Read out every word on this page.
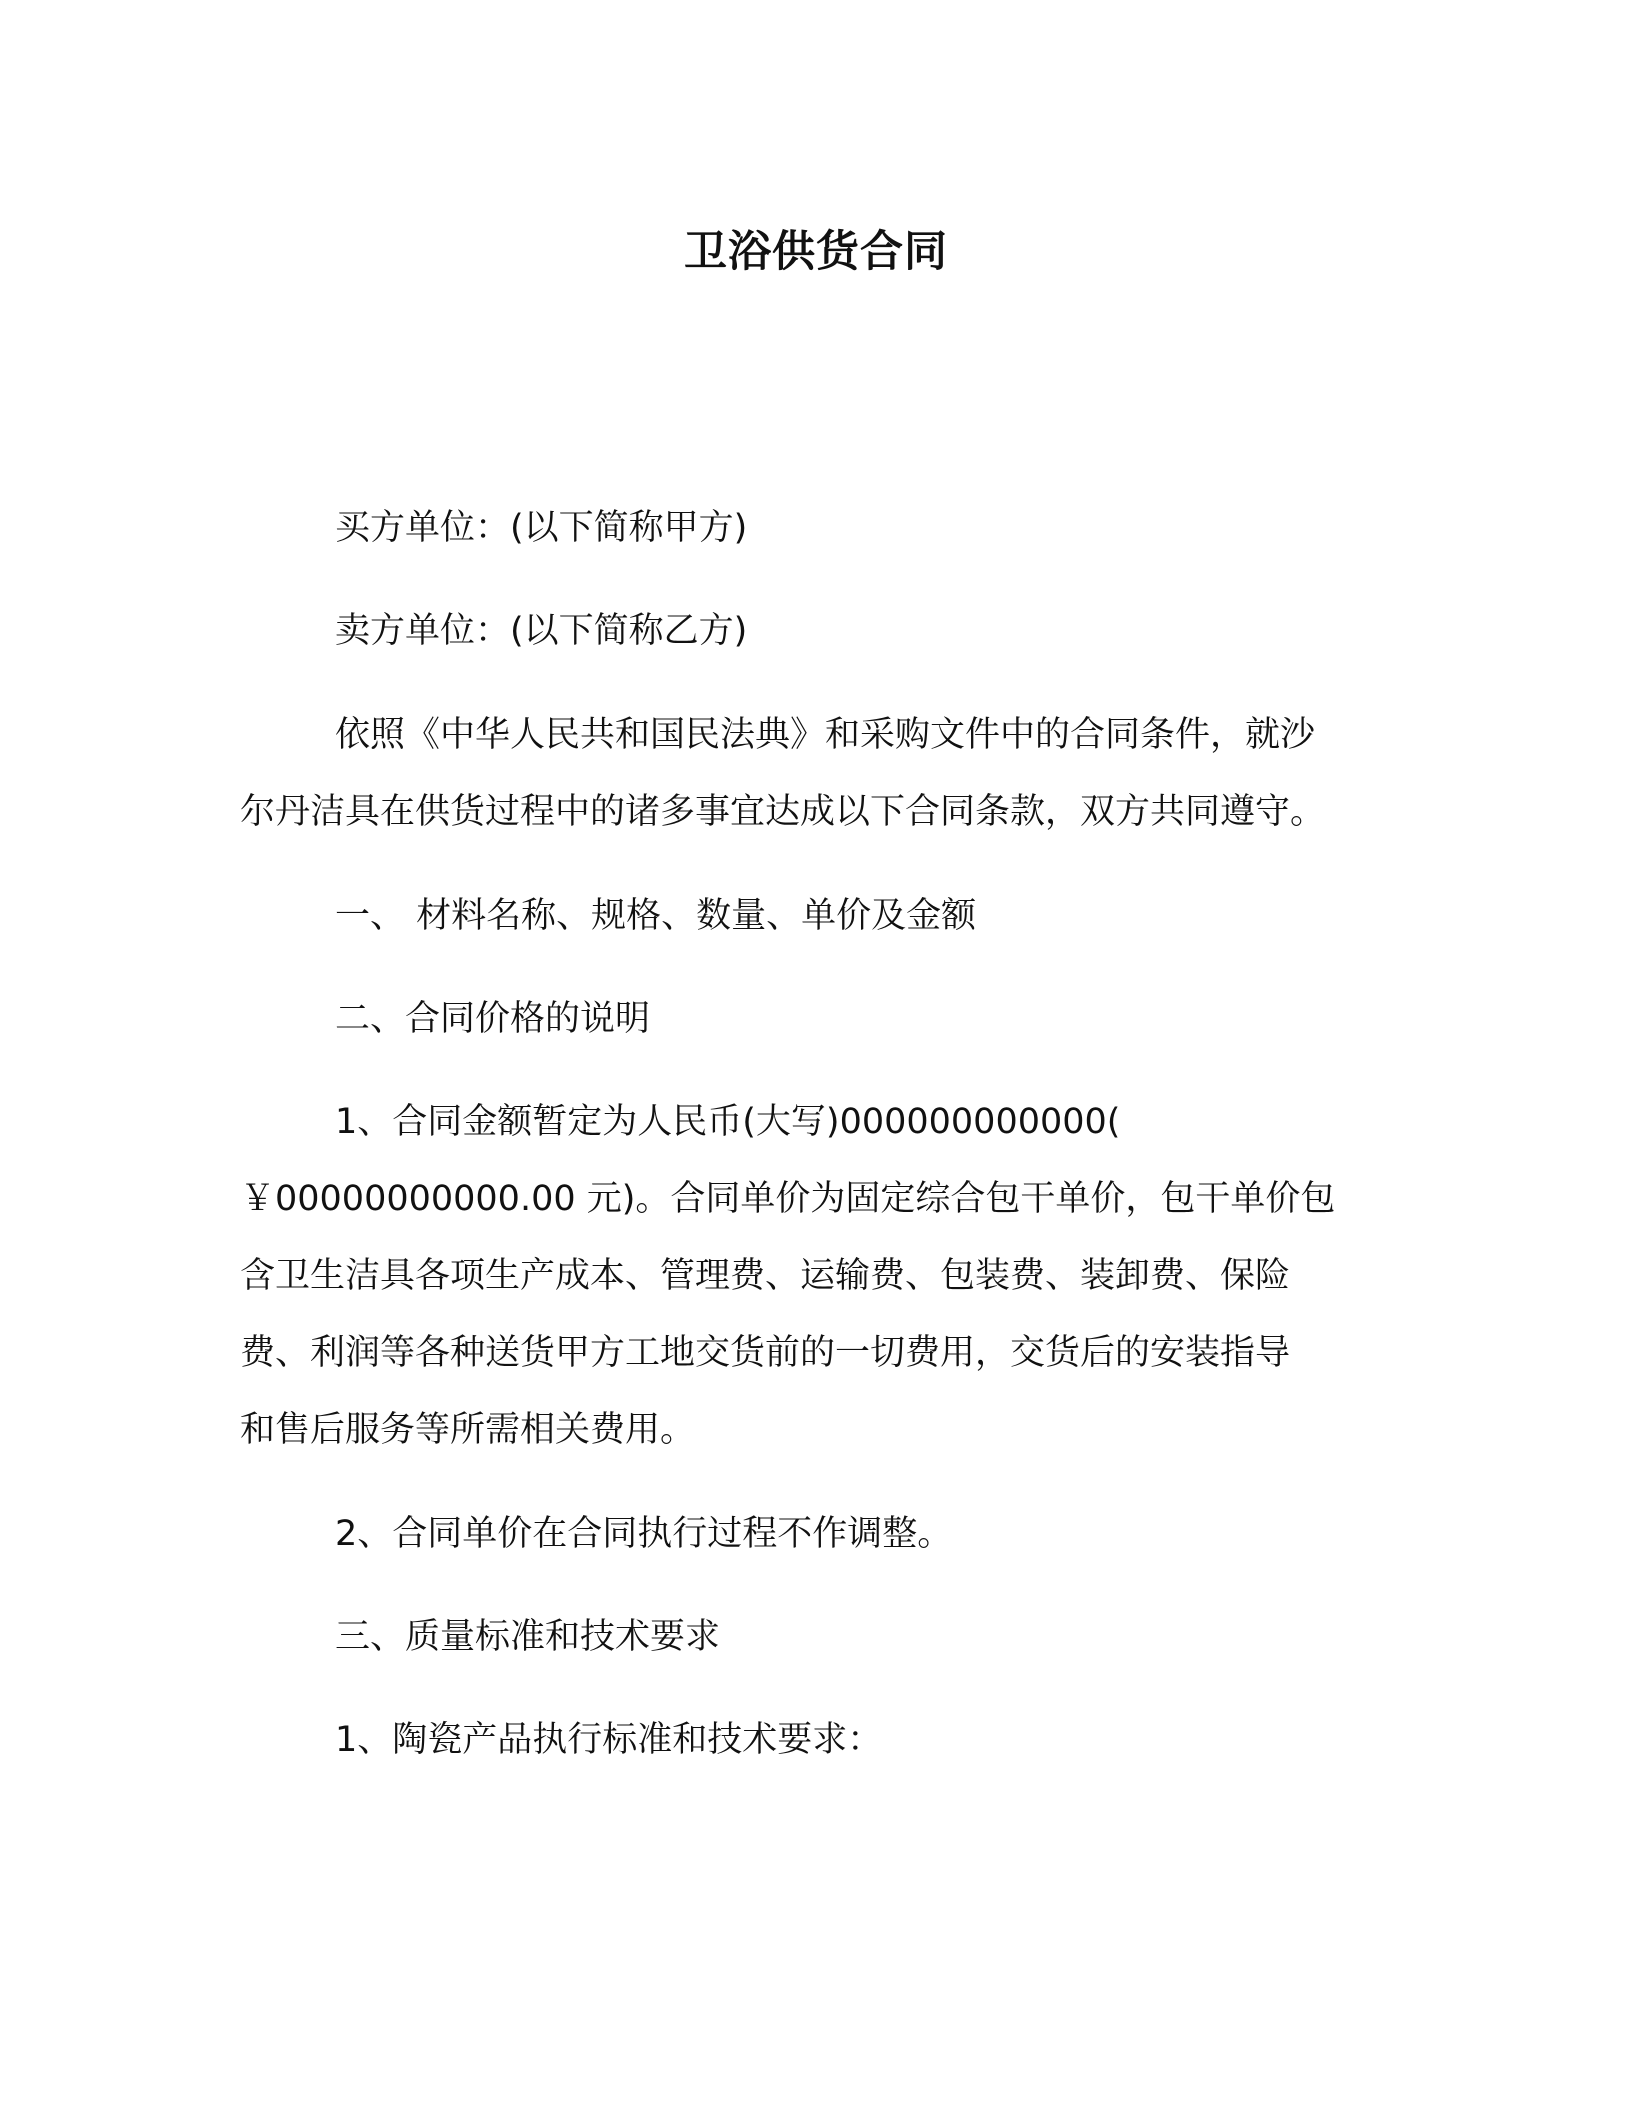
卫浴供货合同
买方单位：(以下简称甲方)
卖方单位：(以下简称乙方)
依照《中华人民共和国民法典》和采购文件中的合同条件，就沙
尔丹洁具在供货过程中的诸多事宜达成以下合同条款，双方共同遵守。
一、 材料名称、规格、数量、单价及金额
二、合同价格的说明
1、合同金额暂定为人民币(大写)000000000000(
￥00000000000.00 元)。合同单价为固定综合包干单价，包干单价包
含卫生洁具各项生产成本、管理费、运输费、包装费、装卸费、保险
费、利润等各种送货甲方工地交货前的一切费用，交货后的安装指导
和售后服务等所需相关费用。
2、合同单价在合同执行过程不作调整。
三、质量标准和技术要求
1、陶瓷产品执行标准和技术要求：
